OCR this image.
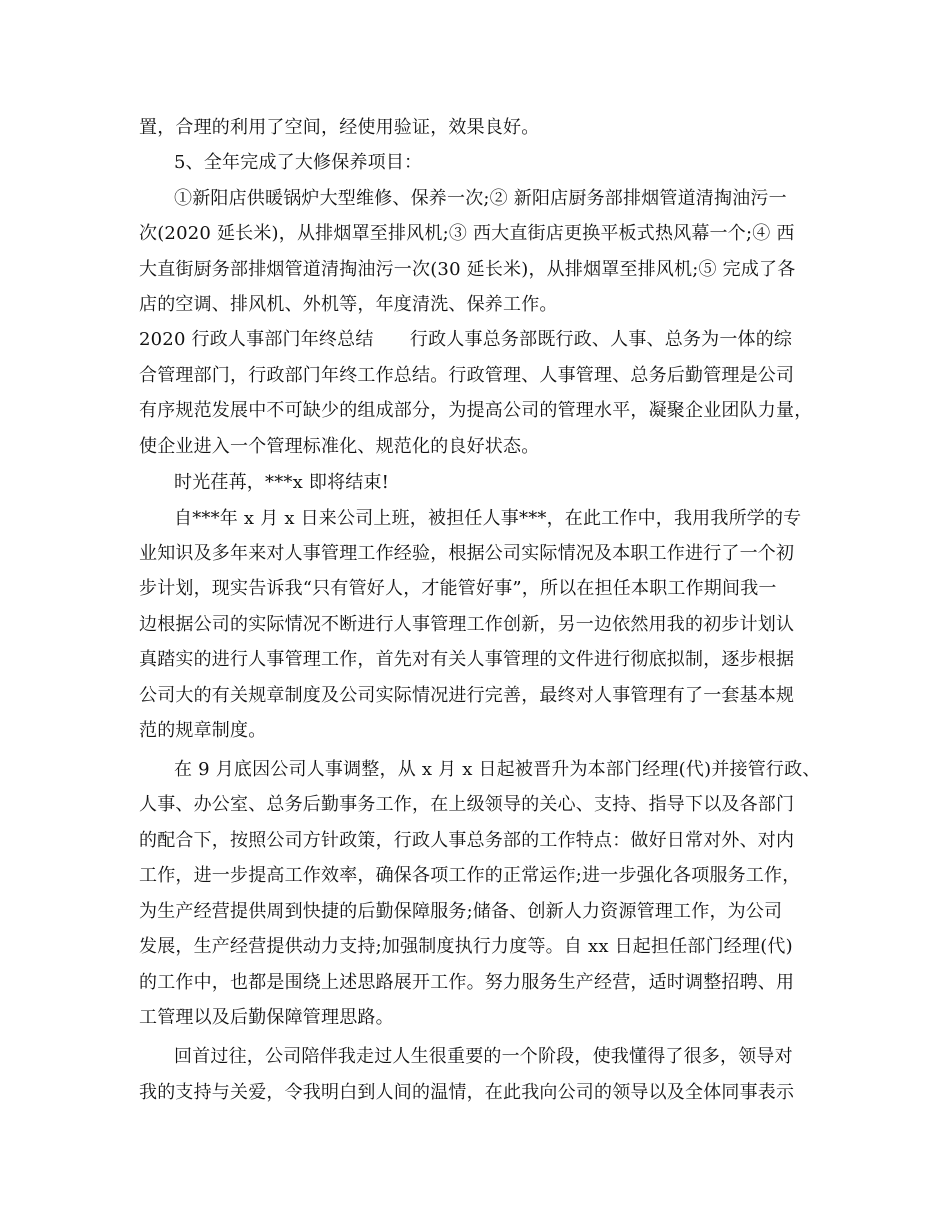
置，合理的利用了空间，经使用验证，效果良好。
5、全年完成了大修保养项目：
①新阳店供暖锅炉大型维修、保养一次;② 新阳店厨务部排烟管道清掏油污一
次(2020 延长米)，从排烟罩至排风机;③ 西大直街店更换平板式热风幕一个;④ 西
大直街厨务部排烟管道清掏油污一次(30 延长米)，从排烟罩至排风机;⑤ 完成了各
店的空调、排风机、外机等，年度清洗、保养工作。
2020 行政人事部门年终总结　　行政人事总务部既行政、人事、总务为一体的综
合管理部门，行政部门年终工作总结。行政管理、人事管理、总务后勤管理是公司
有序规范发展中不可缺少的组成部分，为提高公司的管理水平，凝聚企业团队力量，
使企业进入一个管理标准化、规范化的良好状态。
时光荏苒，***x 即将结束!
自***年 x 月 x 日来公司上班，被担任人事***，在此工作中，我用我所学的专
业知识及多年来对人事管理工作经验，根据公司实际情况及本职工作进行了一个初
步计划，现实告诉我“只有管好人，才能管好事”，所以在担任本职工作期间我一
边根据公司的实际情况不断进行人事管理工作创新，另一边依然用我的初步计划认
真踏实的进行人事管理工作，首先对有关人事管理的文件进行彻底拟制，逐步根据
公司大的有关规章制度及公司实际情况进行完善，最终对人事管理有了一套基本规
范的规章制度。
在 9 月底因公司人事调整，从 x 月 x 日起被晋升为本部门经理(代)并接管行政、
人事、办公室、总务后勤事务工作，在上级领导的关心、支持、指导下以及各部门
的配合下，按照公司方针政策，行政人事总务部的工作特点：做好日常对外、对内
工作，进一步提高工作效率，确保各项工作的正常运作;进一步强化各项服务工作，
为生产经营提供周到快捷的后勤保障服务;储备、创新人力资源管理工作，为公司
发展，生产经营提供动力支持;加强制度执行力度等。自 xx 日起担任部门经理(代)
的工作中，也都是围绕上述思路展开工作。努力服务生产经营，适时调整招聘、用
工管理以及后勤保障管理思路。
回首过往，公司陪伴我走过人生很重要的一个阶段，使我懂得了很多，领导对
我的支持与关爱，令我明白到人间的温情，在此我向公司的领导以及全体同事表示
